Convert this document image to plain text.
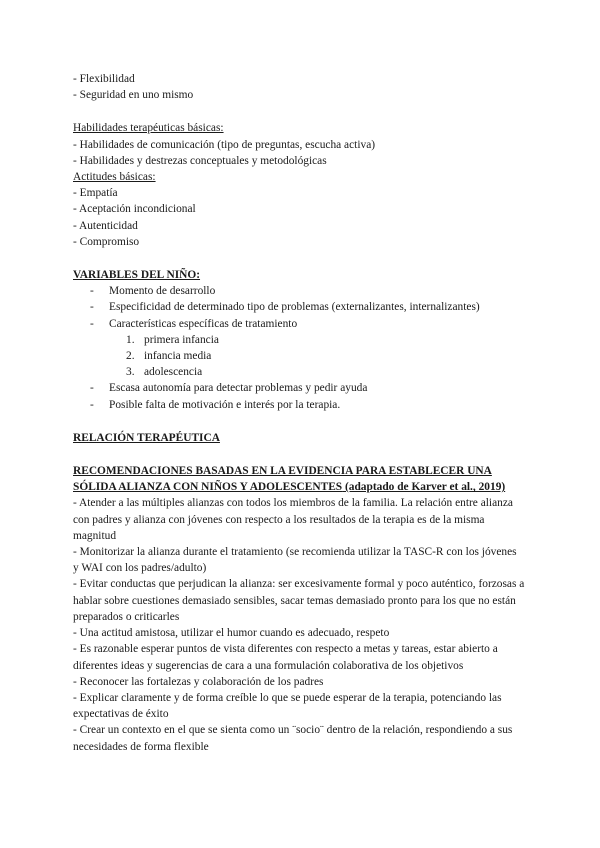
- Flexibilidad
- Seguridad en uno mismo
Habilidades terapéuticas básicas:
- Habilidades de comunicación (tipo de preguntas, escucha activa)
- Habilidades y destrezas conceptuales y metodológicas
Actitudes básicas:
- Empatía
- Aceptación incondicional
- Autenticidad
- Compromiso
VARIABLES DEL NIÑO:
- Momento de desarrollo
- Especificidad de determinado tipo de problemas (externalizantes, internalizantes)
- Características específicas de tratamiento
1. primera infancia
2. infancia media
3. adolescencia
- Escasa autonomía para detectar problemas y pedir ayuda
- Posible falta de motivación e interés por la terapia.
RELACIÓN TERAPÉUTICA
RECOMENDACIONES BASADAS EN LA EVIDENCIA PARA ESTABLECER UNA SÓLIDA ALIANZA CON NIÑOS Y ADOLESCENTES (adaptado de Karver et al., 2019)
- Atender a las múltiples alianzas con todos los miembros de la familia. La relación entre alianza con padres y alianza con jóvenes con respecto a los resultados de la terapia es de la misma magnitud
- Monitorizar la alianza durante el tratamiento (se recomienda utilizar la TASC-R con los jóvenes y WAI con los padres/adulto)
- Evitar conductas que perjudican la alianza: ser excesivamente formal y poco auténtico, forzosas a hablar sobre cuestiones demasiado sensibles, sacar temas demasiado pronto para los que no están preparados o criticarles
- Una actitud amistosa, utilizar el humor cuando es adecuado, respeto
- Es razonable esperar puntos de vista diferentes con respecto a metas y tareas, estar abierto a diferentes ideas y sugerencias de cara a una formulación colaborativa de los objetivos
- Reconocer las fortalezas y colaboración de los padres
- Explicar claramente y de forma creíble lo que se puede esperar de la terapia, potenciando las expectativas de éxito
- Crear un contexto en el que se sienta como un ¨socio¨ dentro de la relación, respondiendo a sus necesidades de forma flexible
